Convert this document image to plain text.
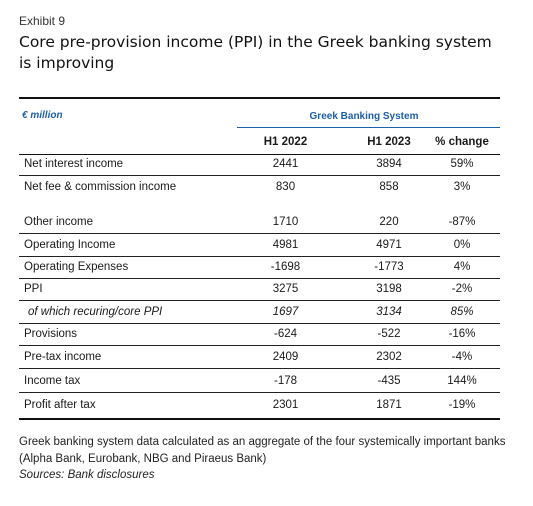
Exhibit 9
Core pre-provision income (PPI) in the Greek banking system is improving
€ million	Greek Banking System
H1 2022	H1 2023	% change
Net interest income	2441	3894	59%
Net fee & commission income	830	858	3%
Other income	1710	220	-87%
Operating Income	4981	4971	0%
Operating Expenses	-1698	-1773	4%
PPI	3275	3198	-2%
of which recuring/core PPI	1697	3134	85%
Provisions	-624	-522	-16%
Pre-tax income	2409	2302	-4%
Income tax	-178	-435	144%
Profit after tax	2301	1871	-19%
Greek banking system data calculated as an aggregate of the four systemically important banks (Alpha Bank, Eurobank, NBG and Piraeus Bank)
Sources: Bank disclosures
